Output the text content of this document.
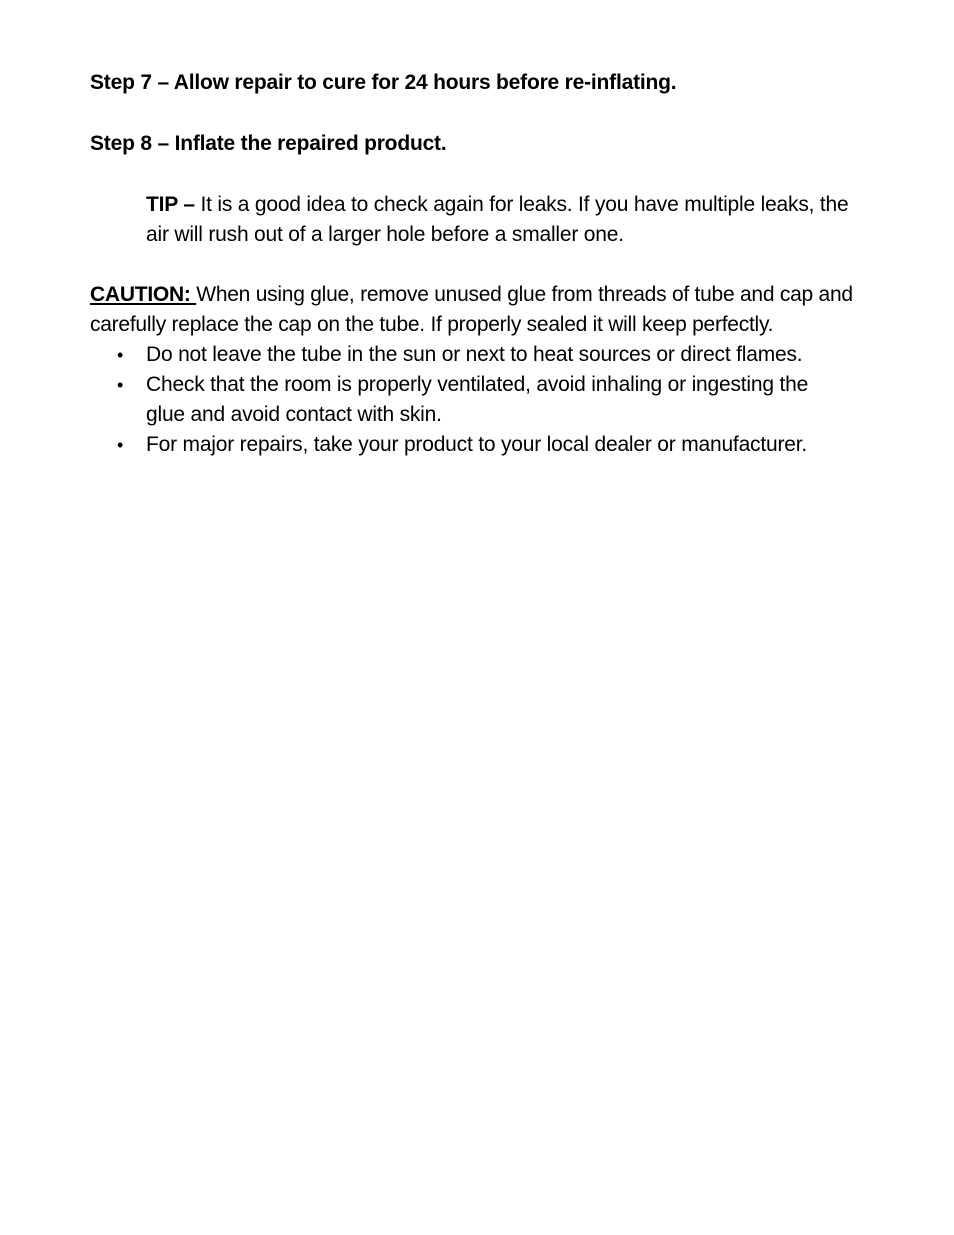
Step 7 – Allow repair to cure for 24 hours before re-inflating.

Step 8 – Inflate the repaired product.

TIP – It is a good idea to check again for leaks. If you have multiple leaks, the air will rush out of a larger hole before a smaller one.

CAUTION: When using glue, remove unused glue from threads of tube and cap and carefully replace the cap on the tube. If properly sealed it will keep perfectly.

• Do not leave the tube in the sun or next to heat sources or direct flames.
• Check that the room is properly ventilated, avoid inhaling or ingesting the glue and avoid contact with skin.
• For major repairs, take your product to your local dealer or manufacturer.
